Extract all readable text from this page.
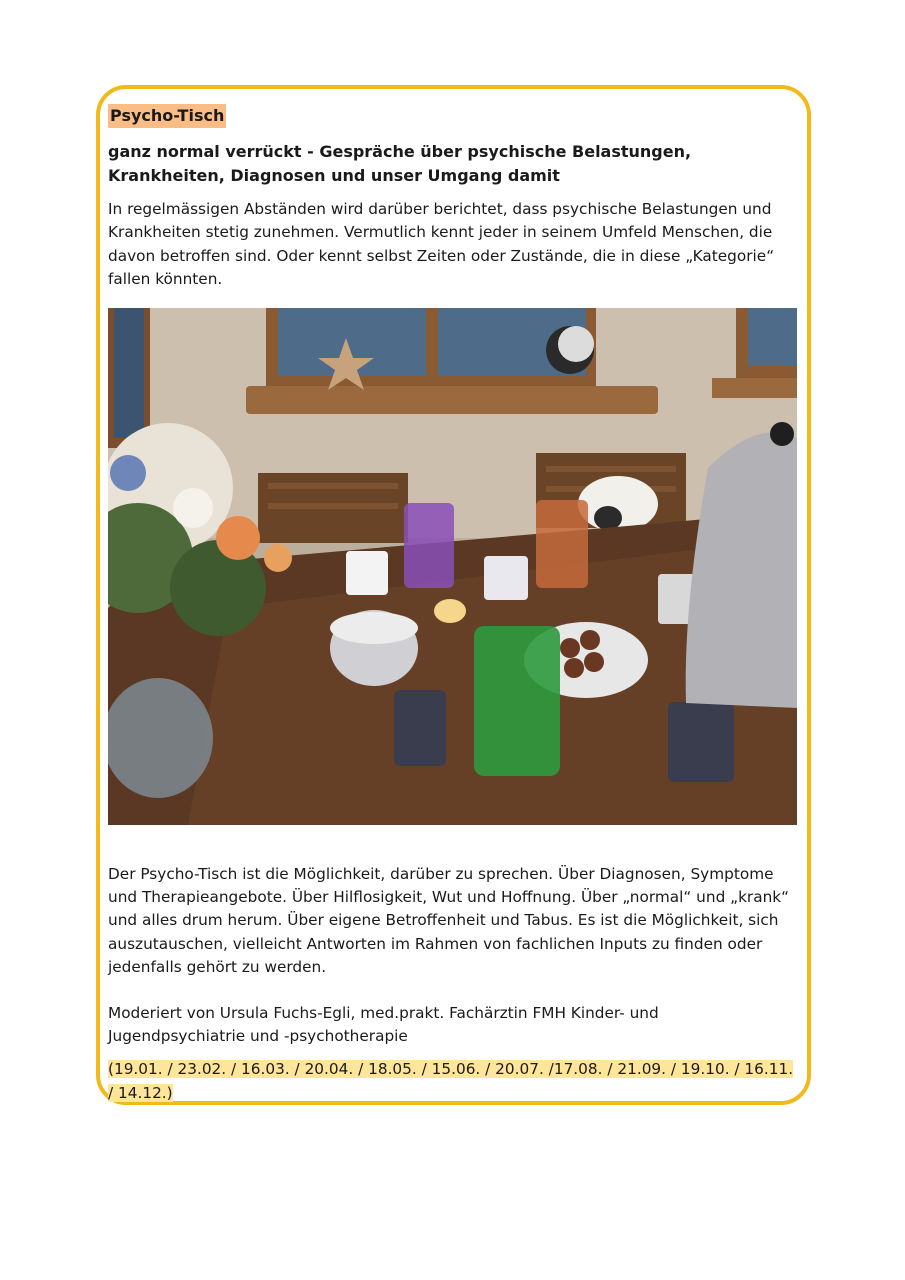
Psycho-Tisch

ganz normal verrückt - Gespräche über psychische Belastungen, Krankheiten, Diagnosen und unser Umgang damit

In regelmässigen Abständen wird darüber berichtet, dass psychische Belastungen und Krankheiten stetig zunehmen. Vermutlich kennt jeder in seinem Umfeld Menschen, die davon betroffen sind. Oder kennt selbst Zeiten oder Zustände, die in diese „Kategorie“ fallen könnten.

Der Psycho-Tisch ist die Möglichkeit, darüber zu sprechen. Über Diagnosen, Symptome und Therapieangebote. Über Hilflosigkeit, Wut und Hoffnung. Über „normal“ und „krank“ und alles drum herum. Über eigene Betroffenheit und Tabus. Es ist die Möglichkeit, sich auszutauschen, vielleicht Antworten im Rahmen von fachlichen Inputs zu finden oder jedenfalls gehört zu werden.

Moderiert von Ursula Fuchs-Egli, med.prakt. Fachärztin FMH Kinder- und Jugendpsychiatrie und -psychotherapie

(19.01. / 23.02. / 16.03. / 20.04. / 18.05. / 15.06. / 20.07. /17.08. / 21.09. / 19.10. / 16.11. / 14.12.)
